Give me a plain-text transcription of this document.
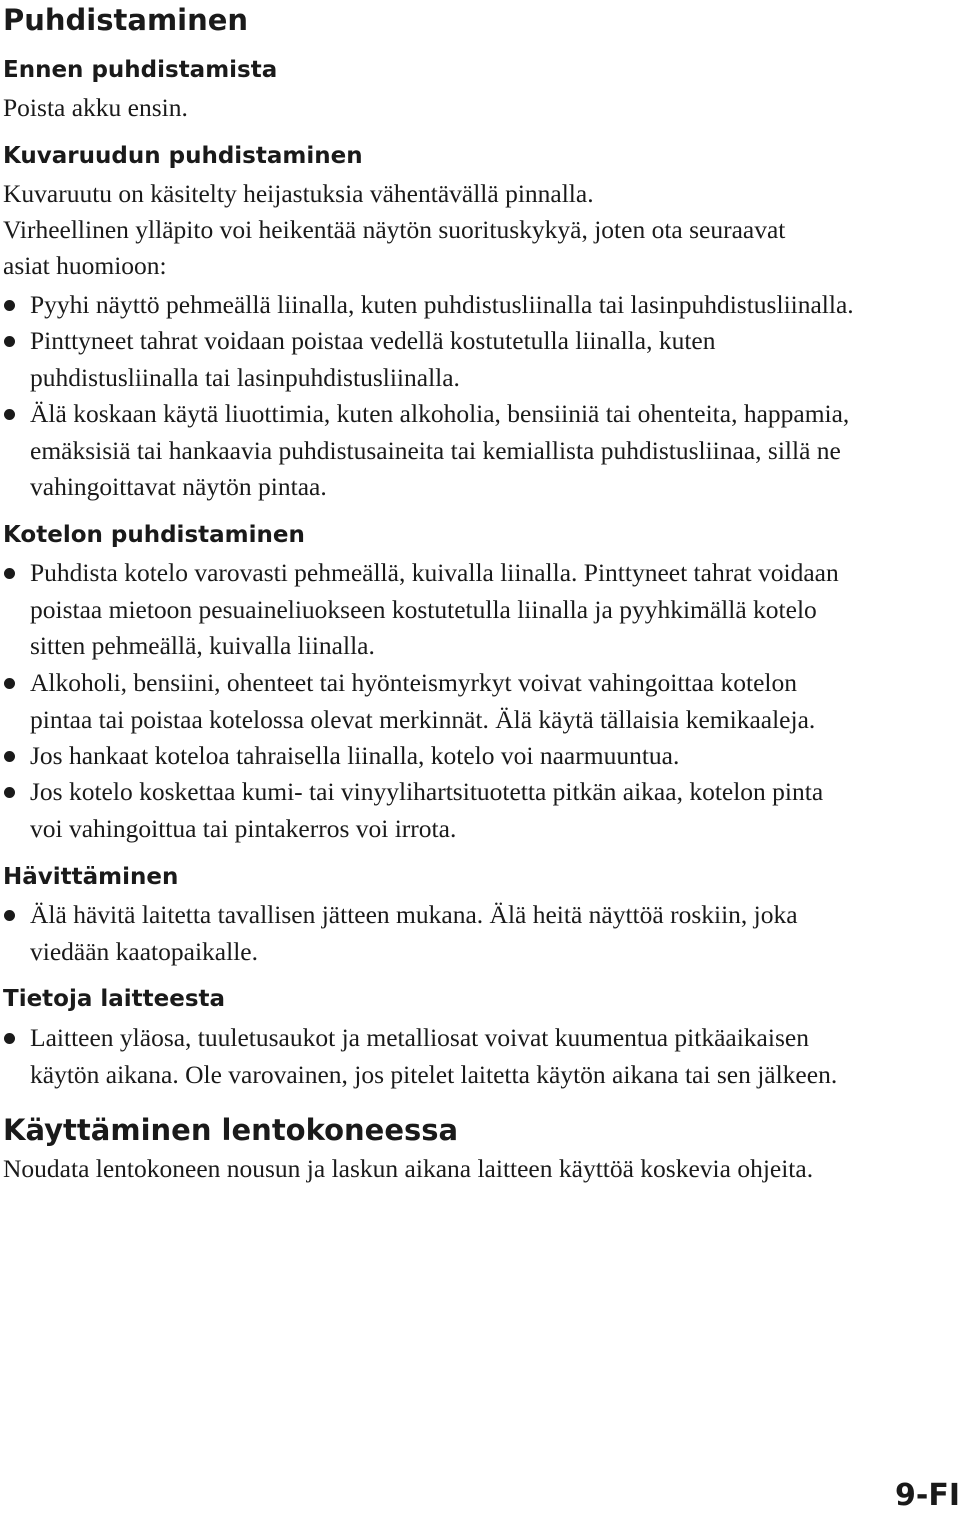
Puhdistaminen
Ennen puhdistamista

Poista akku ensin.

Kuvaruudun puhdistaminen

Kuvaruutu on käsitelty heijastuksia vähentävällä pinnalla.
Virheellinen ylläpito voi heikentää näytön suorituskykyä, joten ota seuraavat
asiat huomioon:

Pyyhi näyttö pehmeällä liinalla, kuten puhdistusliinalla tai lasinpuhdistusliinalla.
Pinttyneet tahrat voidaan poistaa vedellä kostutetulla liinalla, kuten
puhdistusliinalla tai lasinpuhdistusliinalla.
Älä koskaan käytä liuottimia, kuten alkoholia, bensiiniä tai ohenteita, happamia,
emäksisiä tai hankaavia puhdistusaineita tai kemiallista puhdistusliinaa, sillä ne
vahingoittavat näytön pintaa.
Kotelon puhdistaminen
Puhdista kotelo varovasti pehmeällä, kuivalla liinalla. Pinttyneet tahrat voidaan
poistaa mietoon pesuaineliuokseen kostutetulla liinalla ja pyyhkimällä kotelo
sitten pehmeällä, kuivalla liinalla.
Alkoholi, bensiini, ohenteet tai hyönteismyrkyt voivat vahingoittaa kotelon
pintaa tai poistaa kotelossa olevat merkinnät. Älä käytä tällaisia kemikaaleja.
Jos hankaat koteloa tahraisella liinalla, kotelo voi naarmuuntua.
Jos kotelo koskettaa kumi- tai vinyylihartsituotetta pitkän aikaa, kotelon pinta
voi vahingoittua tai pintakerros voi irrota.
Hävittäminen
Älä hävitä laitetta tavallisen jätteen mukana. Älä heitä näyttöä roskiin, joka
viedään kaatopaikalle.
Tietoja laitteesta
Laitteen yläosa, tuuletusaukot ja metalliosat voivat kuumentua pitkäaikaisen
käytön aikana. Ole varovainen, jos pitelet laitetta käytön aikana tai sen jälkeen.
Käyttäminen lentokoneessa

Noudata lentokoneen nousun ja laskun aikana laitteen käyttöä koskevia ohjeita.

9-FI
